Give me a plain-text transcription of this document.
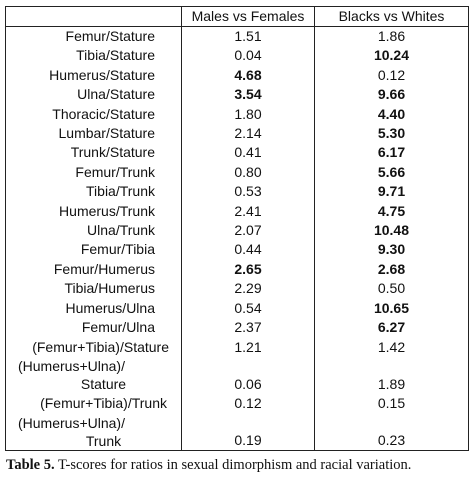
	Males vs Females	Blacks vs Whites
Femur/Stature	1.51	1.86
Tibia/Stature	0.04	10.24
Humerus/Stature	4.68	0.12
Ulna/Stature	3.54	9.66
Thoracic/Stature	1.80	4.40
Lumbar/Stature	2.14	5.30
Trunk/Stature	0.41	6.17
Femur/Trunk	0.80	5.66
Tibia/Trunk	0.53	9.71
Humerus/Trunk	2.41	4.75
Ulna/Trunk	2.07	10.48
Femur/Tibia	0.44	9.30
Femur/Humerus	2.65	2.68
Tibia/Humerus	2.29	0.50
Humerus/Ulna	0.54	10.65
Femur/Ulna	2.37	6.27
(Femur+Tibia)/Stature	1.21	1.42

(Humerus+Ulna)/
Stature	0.06	1.89
(Femur+Tibia)/Trunk	0.12	0.15

(Humerus+Ulna)/
Trunk	0.19	0.23
Table 5. T-scores for ratios in sexual dimorphism and racial variation.
